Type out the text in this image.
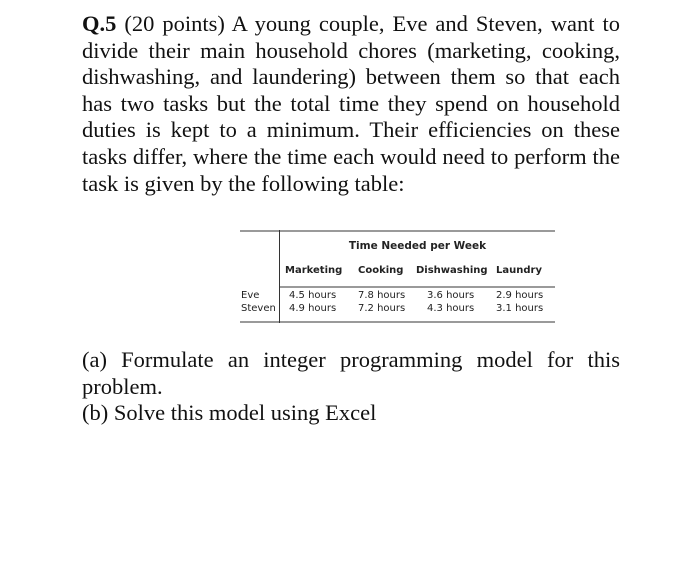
Q.5 (20 points) A young couple, Eve and Steven, want to divide their main household chores (marketing, cooking, dishwashing, and laundering) between them so that each has two tasks but the total time they spend on household duties is kept to a minimum. Their efficiencies on these tasks differ, where the time each would need to perform the task is given by the following table:

Time Needed per Week
Marketing Cooking Dishwashing Laundry
Eve	4.5 hours 7.8 hours 3.6 hours 2.9 hours
Steven 4.9 hours 7.2 hours 4.3 hours 3.1 hours

(a) Formulate an integer programming model for this problem.

(b) Solve this model using Excel
